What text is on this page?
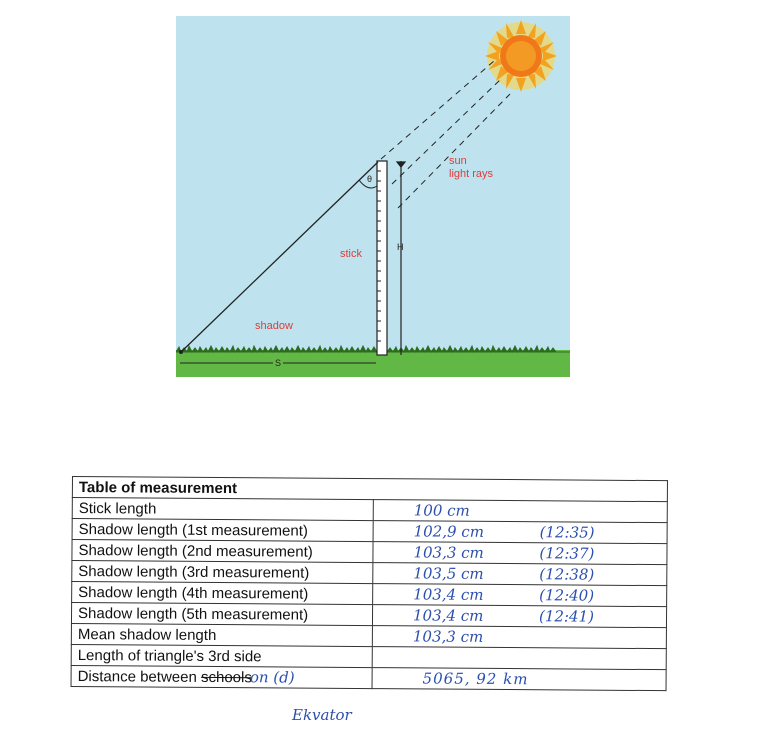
sun
light rays
stick
shadow
H
S
θ
Table of measurement	
Stick length	100 cm

Shadow length (1st measurement)	102,9 cm (12:35)

Shadow length (2nd measurement)	103,3 cm (12:37)

Shadow length (3rd measurement)	103,5 cm (12:38)

Shadow length (4th measurement)	103,4 cm (12:40)

Shadow length (5th measurement)	103,4 cm (12:41)

Mean shadow length	103,3 cm

Length of triangle's 3rd side	

Distance between schoolson (d)	5065, 92 km
Ekvator
